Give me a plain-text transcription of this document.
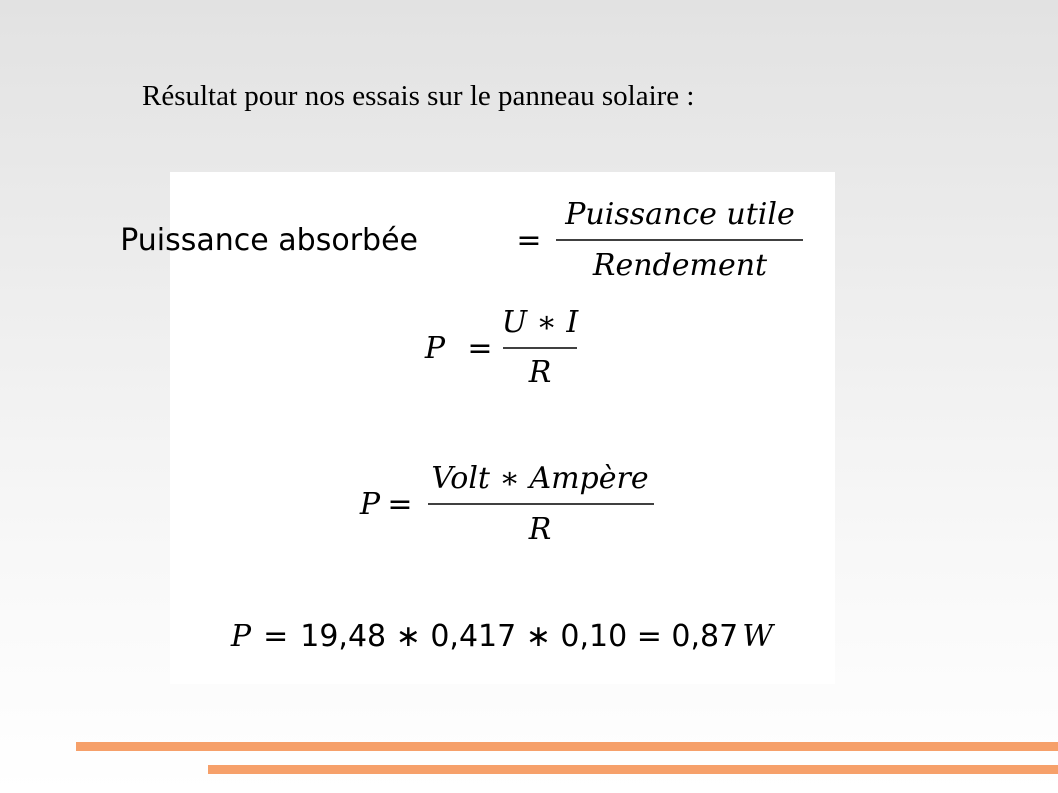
Résultat pour nos essais sur le panneau solaire :
Puissance absorbée	=
Puissance utile
Rendement
P =
U ∗ I
R
P =
Volt ∗ Ampère
R
P = 19,48 ∗ 0,417 ∗ 0,10 = 0,87 W
